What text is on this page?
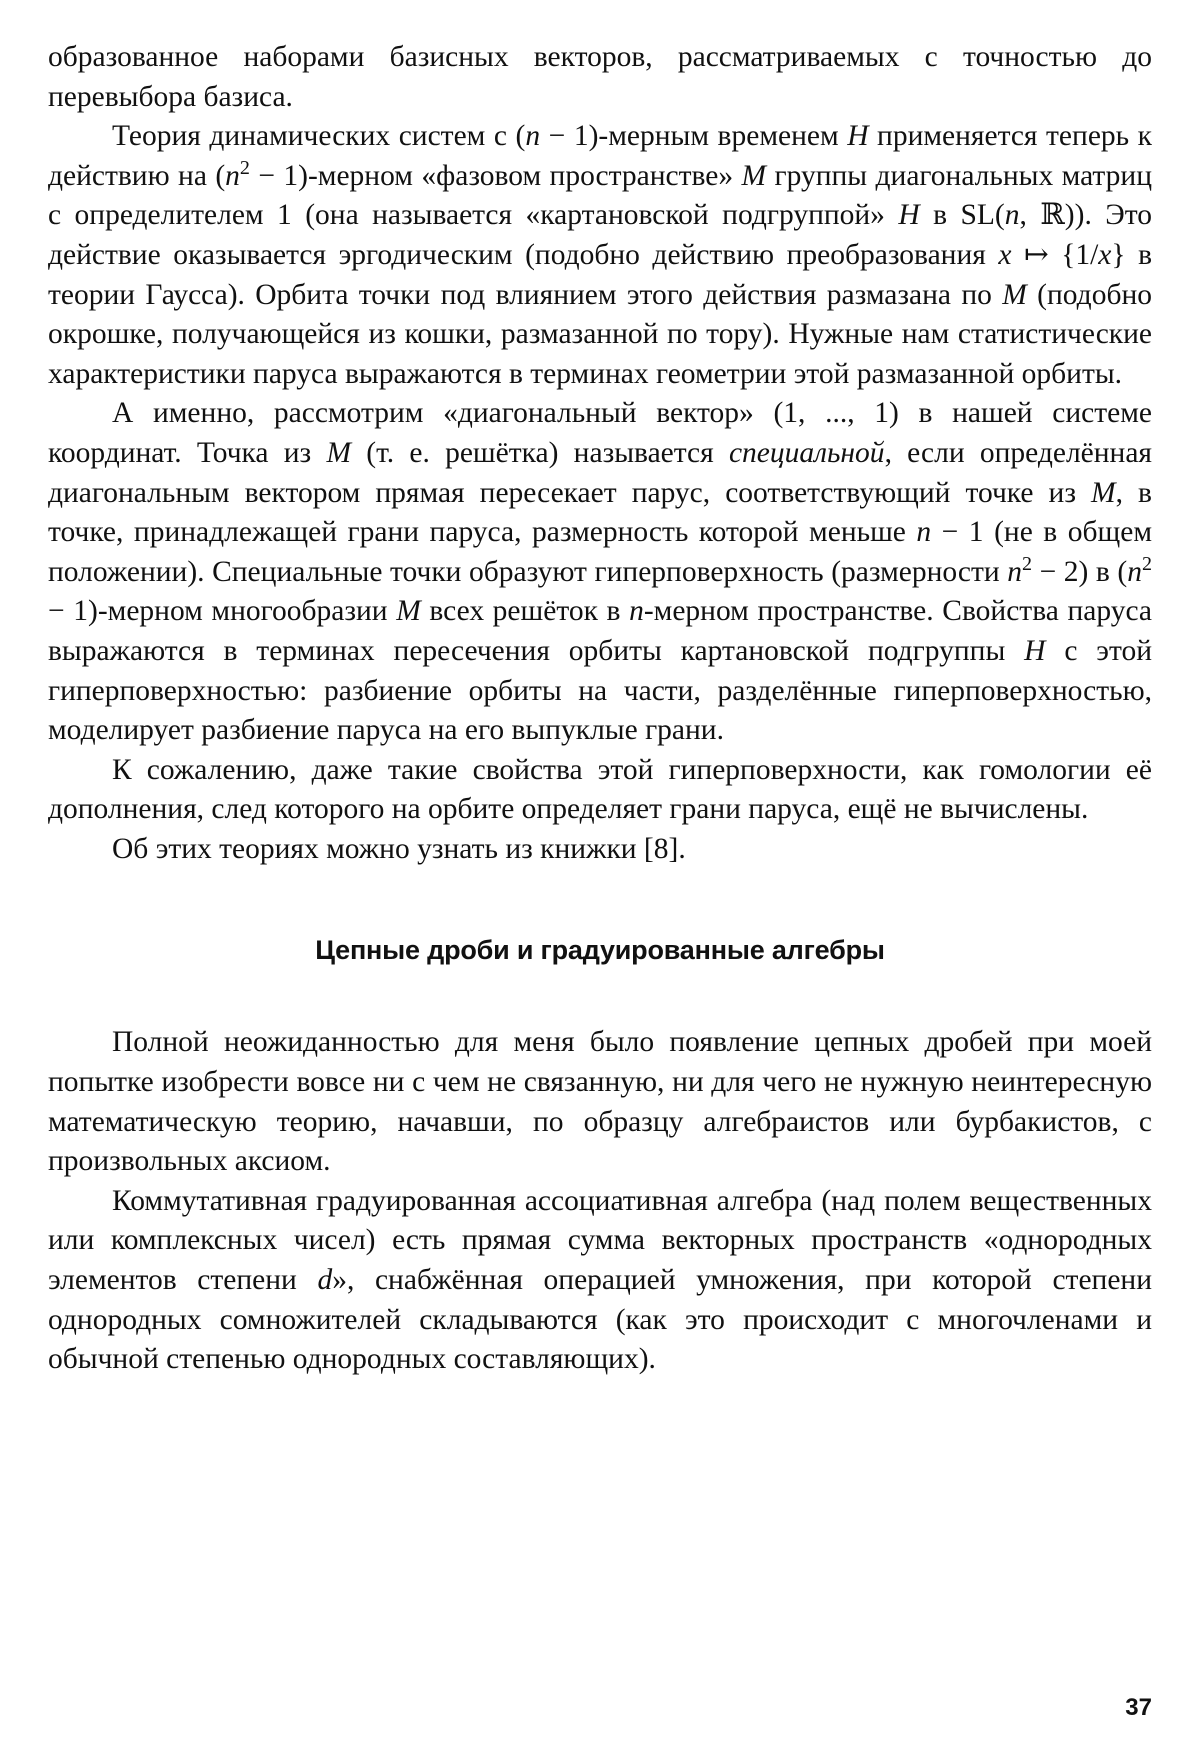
образованное наборами базисных векторов, рассматриваемых с точностью до перевыбора базиса.

Теория динамических систем с (n − 1)-мерным временем H применяется теперь к действию на ($n^2$ − 1)-мерном «фазовом пространстве» M группы диагональных матриц с определителем 1 (она называется «картановской подгруппой» H в SL(n, ℝ)). Это действие оказывается эргодическим (подобно действию преобразования x ↦ {1/x} в теории Гаусса). Орбита точки под влиянием этого действия размазана по M (подобно окрошке, получающейся из кошки, размазанной по тору). Нужные нам статистические характеристики паруса выражаются в терминах геометрии этой размазанной орбиты.

А именно, рассмотрим «диагональный вектор» (1, ..., 1) в нашей системе координат. Точка из M (т. е. решётка) называется специальной, если определённая диагональным вектором прямая пересекает парус, соответствующий точке из M, в точке, принадлежащей грани паруса, размерность которой меньше n − 1 (не в общем положении). Специальные точки образуют гиперповерхность (размерности $n^2 - 2$) в ($n^2$ − 1)-мерном многообразии M всех решёток в n-мерном пространстве. Свойства паруса выражаются в терминах пересечения орбиты картановской подгруппы H с этой гиперповерхностью: разбиение орбиты на части, разделённые гиперповерхностью, моделирует разбиение паруса на его выпуклые грани.

К сожалению, даже такие свойства этой гиперповерхности, как гомологии её дополнения, след которого на орбите определяет грани паруса, ещё не вычислены.

Об этих теориях можно узнать из книжки [8].

Цепные дроби и градуированные алгебры

Полной неожиданностью для меня было появление цепных дробей при моей попытке изобрести вовсе ни с чем не связанную, ни для чего не нужную неинтересную математическую теорию, начавши, по образцу алгебраистов или бурбакистов, с произвольных аксиом.

Коммутативная градуированная ассоциативная алгебра (над полем вещественных или комплексных чисел) есть прямая сумма векторных пространств «однородных элементов степени d», снабжённая операцией умножения, при которой степени однородных сомножителей складываются (как это происходит с многочленами и обычной степенью однородных составляющих).

37
